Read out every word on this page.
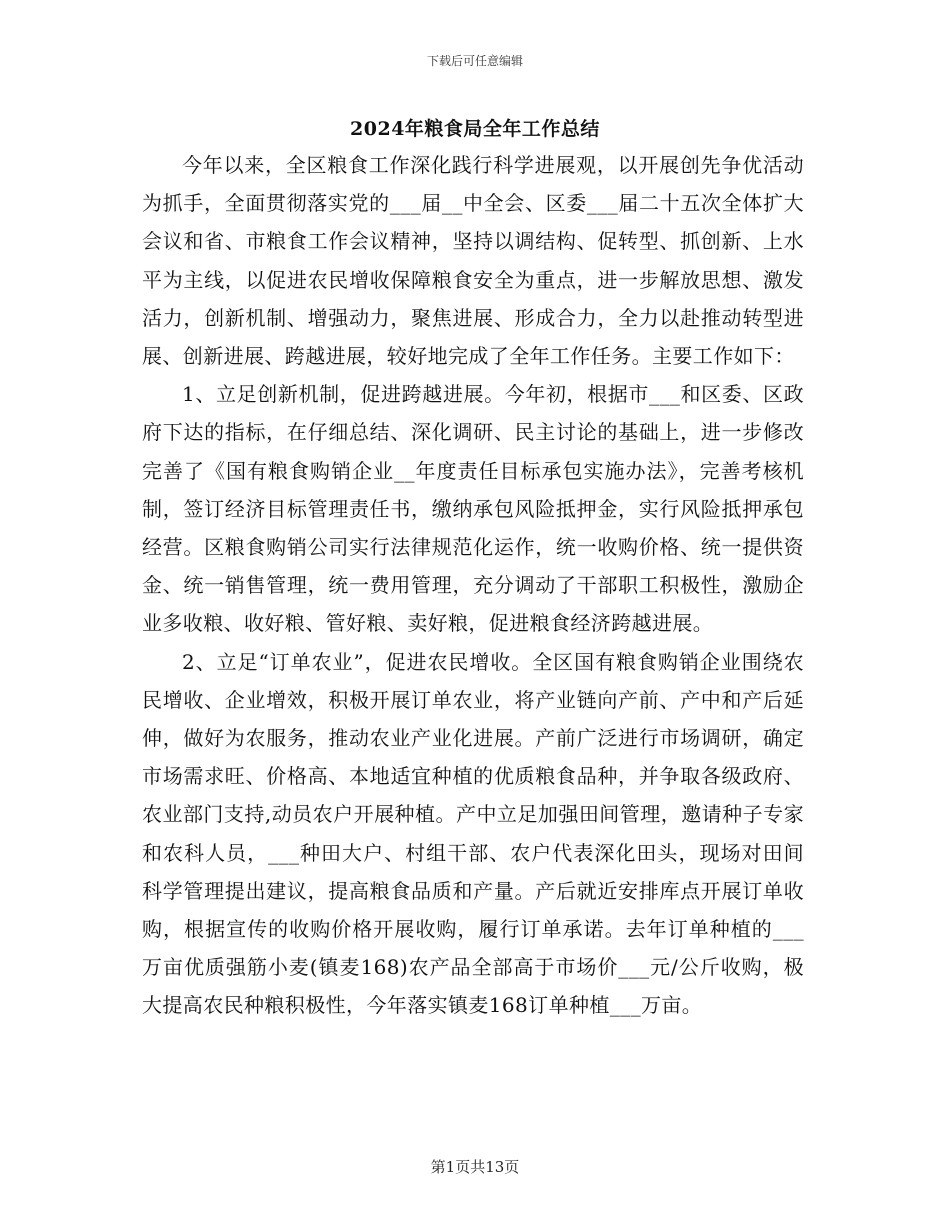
下载后可任意编辑
2024年粮食局全年工作总结

今年以来，全区粮食工作深化践行科学进展观，以开展创先争优活动为抓手，全面贯彻落实党的___届__中全会、区委___届二十五次全体扩大会议和省、市粮食工作会议精神，坚持以调结构、促转型、抓创新、上水平为主线，以促进农民增收保障粮食安全为重点，进一步解放思想、激发活力，创新机制、增强动力，聚焦进展、形成合力，全力以赴推动转型进展、创新进展、跨越进展，较好地完成了全年工作任务。主要工作如下：

1、立足创新机制，促进跨越进展。今年初，根据市___和区委、区政府下达的指标，在仔细总结、深化调研、民主讨论的基础上，进一步修改完善了《国有粮食购销企业__年度责任目标承包实施办法》，完善考核机制，签订经济目标管理责任书，缴纳承包风险抵押金，实行风险抵押承包经营。区粮食购销公司实行法律规范化运作，统一收购价格、统一提供资金、统一销售管理，统一费用管理，充分调动了干部职工积极性，激励企业多收粮、收好粮、管好粮、卖好粮，促进粮食经济跨越进展。

2、立足“订单农业”，促进农民增收。全区国有粮食购销企业围绕农民增收、企业增效，积极开展订单农业，将产业链向产前、产中和产后延伸，做好为农服务，推动农业产业化进展。产前广泛进行市场调研，确定市场需求旺、价格高、本地适宜种植的优质粮食品种，并争取各级政府、农业部门支持,动员农户开展种植。产中立足加强田间管理，邀请种子专家和农科人员，___种田大户、村组干部、农户代表深化田头，现场对田间科学管理提出建议，提高粮食品质和产量。产后就近安排库点开展订单收购，根据宣传的收购价格开展收购，履行订单承诺。去年订单种植的___万亩优质强筋小麦(镇麦168)农产品全部高于市场价___元/公斤收购，极大提高农民种粮积极性，今年落实镇麦168订单种植___万亩。

第1页共13页
